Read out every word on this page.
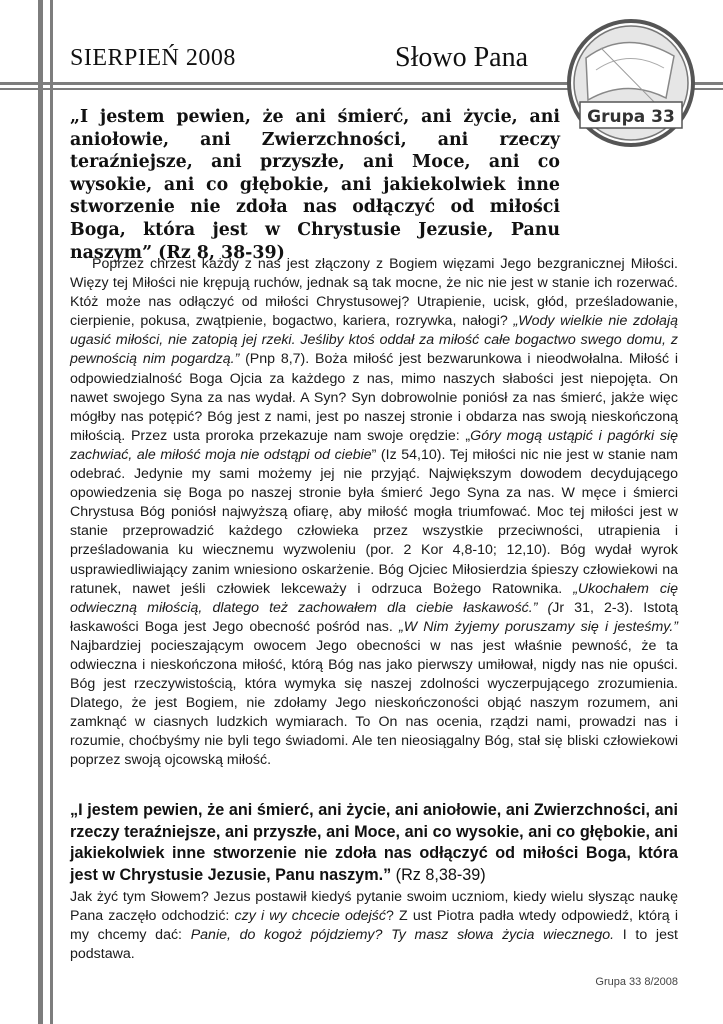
SIERPIEŃ 2008	Słowo Pana
Grupa 33

„I jestem pewien, że ani śmierć, ani życie, ani aniołowie, ani Zwierzchności, ani rzeczy teraźniejsze, ani przyszłe, ani Moce, ani co wysokie, ani co głębokie, ani jakiekolwiek inne stworzenie nie zdoła nas odłączyć od miłości Boga, która jest w Chrystusie Jezusie, Panu naszym” (Rz 8, 38-39)

Poprzez chrzest każdy z nas jest złączony z Bogiem więzami Jego bezgranicznej Miłości. Więzy tej Miłości nie krępują ruchów, jednak są tak mocne, że nic nie jest w stanie ich rozerwać. Któż może nas odłączyć od miłości Chrystusowej? Utrapienie, ucisk, głód, prześladowanie, cierpienie, pokusa, zwątpienie, bogactwo, kariera, rozrywka, nałogi? „Wody wielkie nie zdołają ugasić miłości, nie zatopią jej rzeki. Jeśliby ktoś oddał za miłość całe bogactwo swego domu, z pewnością nim pogardzą.” (Pnp 8,7). Boża miłość jest bezwarunkowa i nieodwołalna. Miłość i odpowiedzialność Boga Ojcia za każdego z nas, mimo naszych słabości jest niepojęta. On nawet swojego Syna za nas wydał. A Syn? Syn dobrowolnie poniósł za nas śmierć, jakże więc mógłby nas potępić? Bóg jest z nami, jest po naszej stronie i obdarza nas swoją nieskończoną miłością. Przez usta proroka przekazuje nam swoje orędzie: „Góry mogą ustąpić i pagórki się zachwiać, ale miłość moja nie odstąpi od ciebie” (Iz 54,10). Tej miłości nic nie jest w stanie nam odebrać. Jedynie my sami możemy jej nie przyjąć. Największym dowodem decydującego opowiedzenia się Boga po naszej stronie była śmierć Jego Syna za nas. W męce i śmierci Chrystusa Bóg poniósł najwyższą ofiarę, aby miłość mogła triumfować. Moc tej miłości jest w stanie przeprowadzić każdego człowieka przez wszystkie przeciwności, utrapienia i prześladowania ku wiecznemu wyzwoleniu (por. 2 Kor 4,8-10; 12,10). Bóg wydał wyrok usprawiedliwiający zanim wniesiono oskarżenie. Bóg Ojciec Miłosierdzia śpieszy człowiekowi na ratunek, nawet jeśli człowiek lekceważy i odrzuca Bożego Ratownika. „Ukochałem cię odwieczną miłością, dlatego też zachowałem dla ciebie łaskawość.” (Jr 31, 2-3). Istotą łaskawości Boga jest Jego obecność pośród nas. „W Nim żyjemy poruszamy się i jesteśmy.” Najbardziej pocieszającym owocem Jego obecności w nas jest właśnie pewność, że ta odwieczna i nieskończona miłość, którą Bóg nas jako pierwszy umiłował, nigdy nas nie opuści. Bóg jest rzeczywistością, która wymyka się naszej zdolności wyczerpującego zrozumienia. Dlatego, że jest Bogiem, nie zdołamy Jego nieskończoności objąć naszym rozumem, ani zamknąć w ciasnych ludzkich wymiarach. To On nas ocenia, rządzi nami, prowadzi nas i rozumie, choćbyśmy nie byli tego świadomi. Ale ten nieosiągalny Bóg, stał się bliski człowiekowi poprzez swoją ojcowską miłość.

„I jestem pewien, że ani śmierć, ani życie, ani aniołowie, ani Zwierzchności, ani rzeczy teraźniejsze, ani przyszłe, ani Moce, ani co wysokie, ani co głębokie, ani jakiekolwiek inne stworzenie nie zdoła nas odłączyć od miłości Boga, która jest w Chrystusie Jezusie, Panu naszym.” (Rz 8,38-39)

Jak żyć tym Słowem? Jezus postawił kiedyś pytanie swoim uczniom, kiedy wielu słysząc naukę Pana zaczęło odchodzić: czy i wy chcecie odejść? Z ust Piotra padła wtedy odpowiedź, którą i my chcemy dać: Panie, do kogoż pójdziemy? Ty masz słowa życia wiecznego. I to jest podstawa.

Grupa 33 8/2008
